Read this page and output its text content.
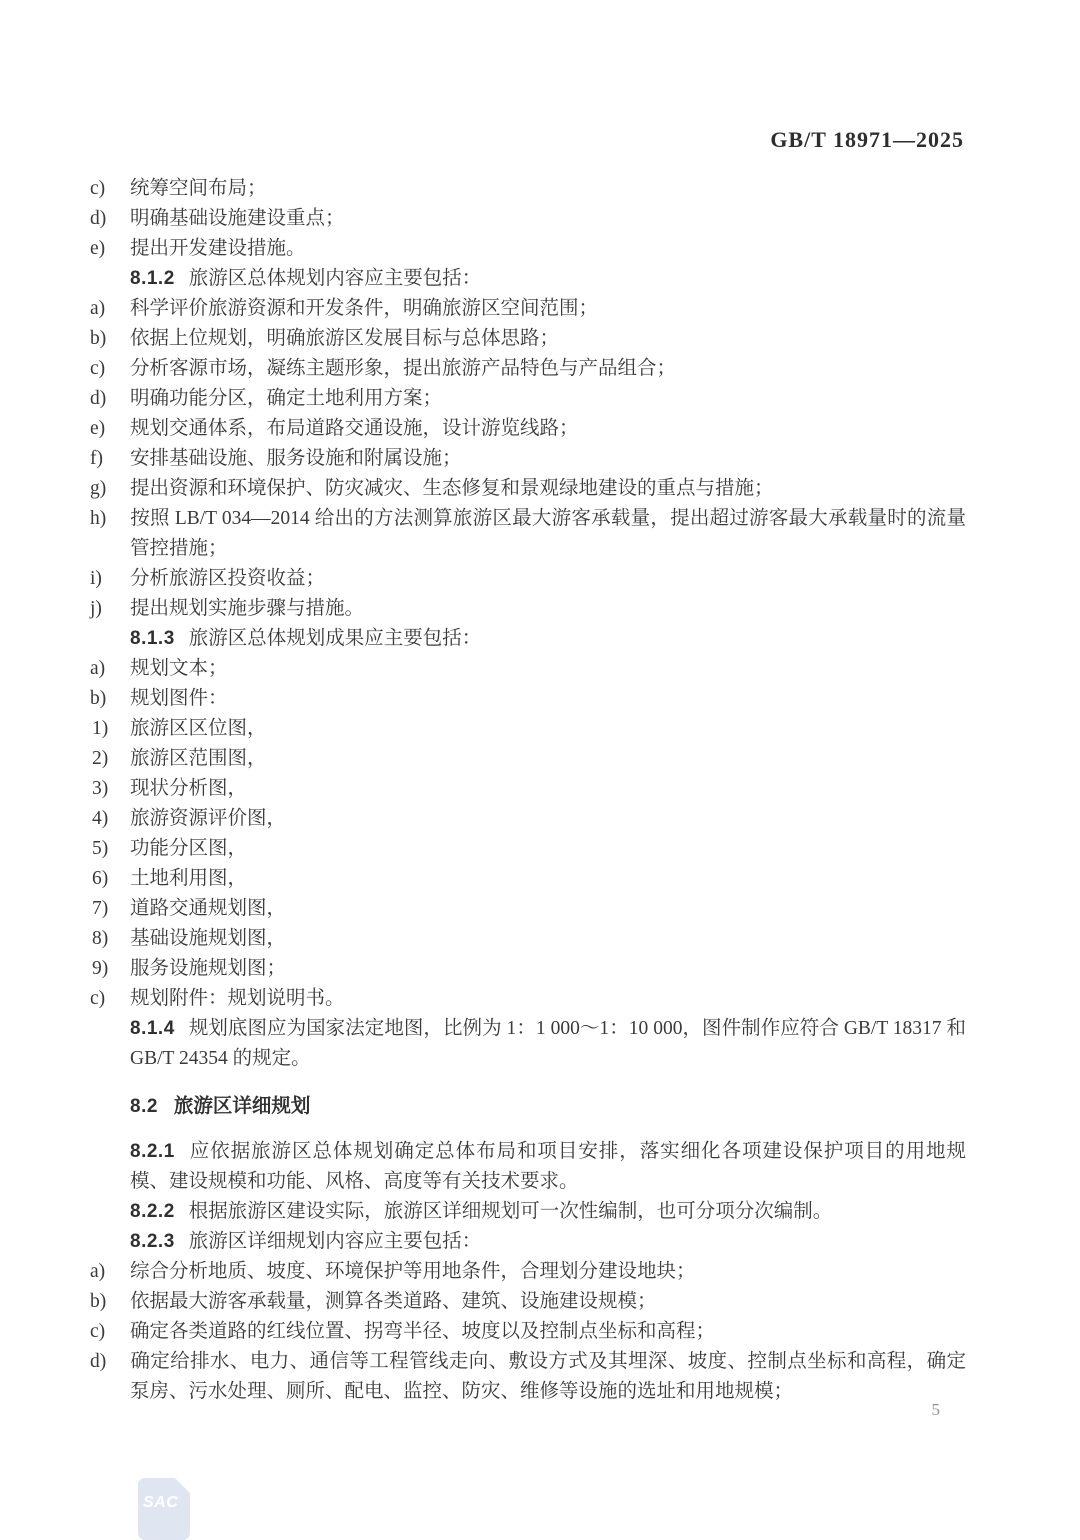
GB/T 18971—2025

c) 统筹空间布局；

d) 明确基础设施建设重点；

e) 提出开发建设措施。

8.1.2 旅游区总体规划内容应主要包括：

a) 科学评价旅游资源和开发条件，明确旅游区空间范围；

b) 依据上位规划，明确旅游区发展目标与总体思路；

c) 分析客源市场，凝练主题形象，提出旅游产品特色与产品组合；

d) 明确功能分区，确定土地利用方案；

e) 规划交通体系，布局道路交通设施，设计游览线路；

f) 安排基础设施、服务设施和附属设施；

g) 提出资源和环境保护、防灾减灾、生态修复和景观绿地建设的重点与措施；

h) 按照 LB/T 034—2014 给出的方法测算旅游区最大游客承载量，提出超过游客最大承载量时的流量管控措施；

i) 分析旅游区投资收益；

j) 提出规划实施步骤与措施。

8.1.3 旅游区总体规划成果应主要包括：

a) 规划文本；

b) 规划图件：

1) 旅游区区位图，

2) 旅游区范围图，

3) 现状分析图，

4) 旅游资源评价图，

5) 功能分区图，

6) 土地利用图，

7) 道路交通规划图，

8) 基础设施规划图，

9) 服务设施规划图；

c) 规划附件：规划说明书。

8.1.4 规划底图应为国家法定地图，比例为 1：1 000～1：10 000，图件制作应符合 GB/T 18317 和 GB/T 24354 的规定。

8.2 旅游区详细规划

8.2.1 应依据旅游区总体规划确定总体布局和项目安排，落实细化各项建设保护项目的用地规模、建设规模和功能、风格、高度等有关技术要求。

8.2.2 根据旅游区建设实际，旅游区详细规划可一次性编制，也可分项分次编制。

8.2.3 旅游区详细规划内容应主要包括：

a) 综合分析地质、坡度、环境保护等用地条件，合理划分建设地块；

b) 依据最大游客承载量，测算各类道路、建筑、设施建设规模；

c) 确定各类道路的红线位置、拐弯半径、坡度以及控制点坐标和高程；

d) 确定给排水、电力、通信等工程管线走向、敷设方式及其埋深、坡度、控制点坐标和高程，确定泵房、污水处理、厕所、配电、监控、防灾、维修等设施的选址和用地规模；

5
SAC
